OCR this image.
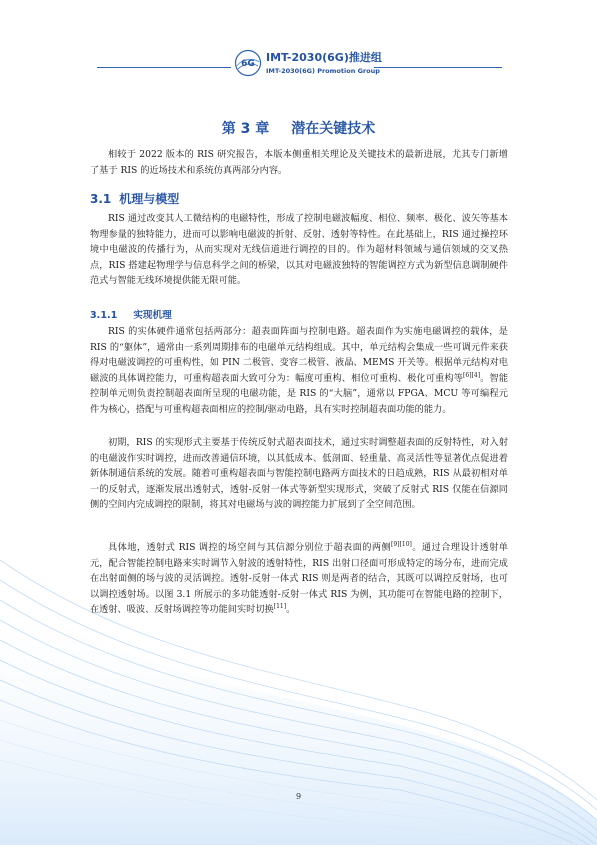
6G IMT-2030(6G)推进组
IMT-2030(6G) Promotion Group
第 3 章 潜在关键技术
相较于 2022 版本的 RIS 研究报告，本版本侧重相关理论及关键技术的最新进展，尤其专门新增了基于 RIS 的近场技术和系统仿真两部分内容。
3.1 机理与模型
RIS 通过改变其人工微结构的电磁特性，形成了控制电磁波幅度、相位、频率、极化、波矢等基本物理参量的独特能力，进而可以影响电磁波的折射、反射、透射等特性。在此基础上，RIS 通过操控环境中电磁波的传播行为，从而实现对无线信道进行调控的目的。作为超材料领域与通信领域的交叉热点，RIS 搭建起物理学与信息科学之间的桥梁，以其对电磁波独特的智能调控方式为新型信息调制硬件范式与智能无线环境提供能无限可能。
3.1.1 实现机理
RIS 的实体硬件通常包括两部分：超表面阵面与控制电路。超表面作为实施电磁调控的载体，是 RIS 的“躯体”，通常由一系列周期排布的电磁单元结构组成。其中，单元结构会集成一些可调元件来获得对电磁波调控的可重构性，如 PIN 二极管、变容二极管、液晶、MEMS 开关等。根据单元结构对电磁波的具体调控能力，可重构超表面大致可分为：幅度可重构、相位可重构、极化可重构等[6][4]。智能控制单元则负责控制超表面所呈现的电磁功能，是 RIS 的“大脑”，通常以 FPGA、MCU 等可编程元件为核心，搭配与可重构超表面相应的控制/驱动电路，具有实时控制超表面功能的能力。
初期，RIS 的实现形式主要基于传统反射式超表面技术，通过实时调整超表面的反射特性，对入射的电磁波作实时调控，进而改善通信环境，以其低成本、低剖面、轻重量、高灵活性等显著优点促进着新体制通信系统的发展。随着可重构超表面与智能控制电路两方面技术的日趋成熟，RIS 从最初相对单一的反射式，逐渐发展出透射式，透射-反射一体式等新型实现形式，突破了反射式 RIS 仅能在信源同侧的空间内完成调控的限制，将其对电磁场与波的调控能力扩展到了全空间范围。
具体地，透射式 RIS 调控的场空间与其信源分别位于超表面的两侧[9][10]。通过合理设计透射单元，配合智能控制电路来实时调节入射波的透射特性，RIS 出射口径面可形成特定的场分布，进而完成在出射面侧的场与波的灵活调控。透射-反射一体式 RIS 则是两者的结合，其既可以调控反射场，也可以调控透射场。以图 3.1 所展示的多功能透射-反射一体式 RIS 为例，其功能可在智能电路的控制下，在透射、吸波、反射场调控等功能间实时切换[11]。
9
